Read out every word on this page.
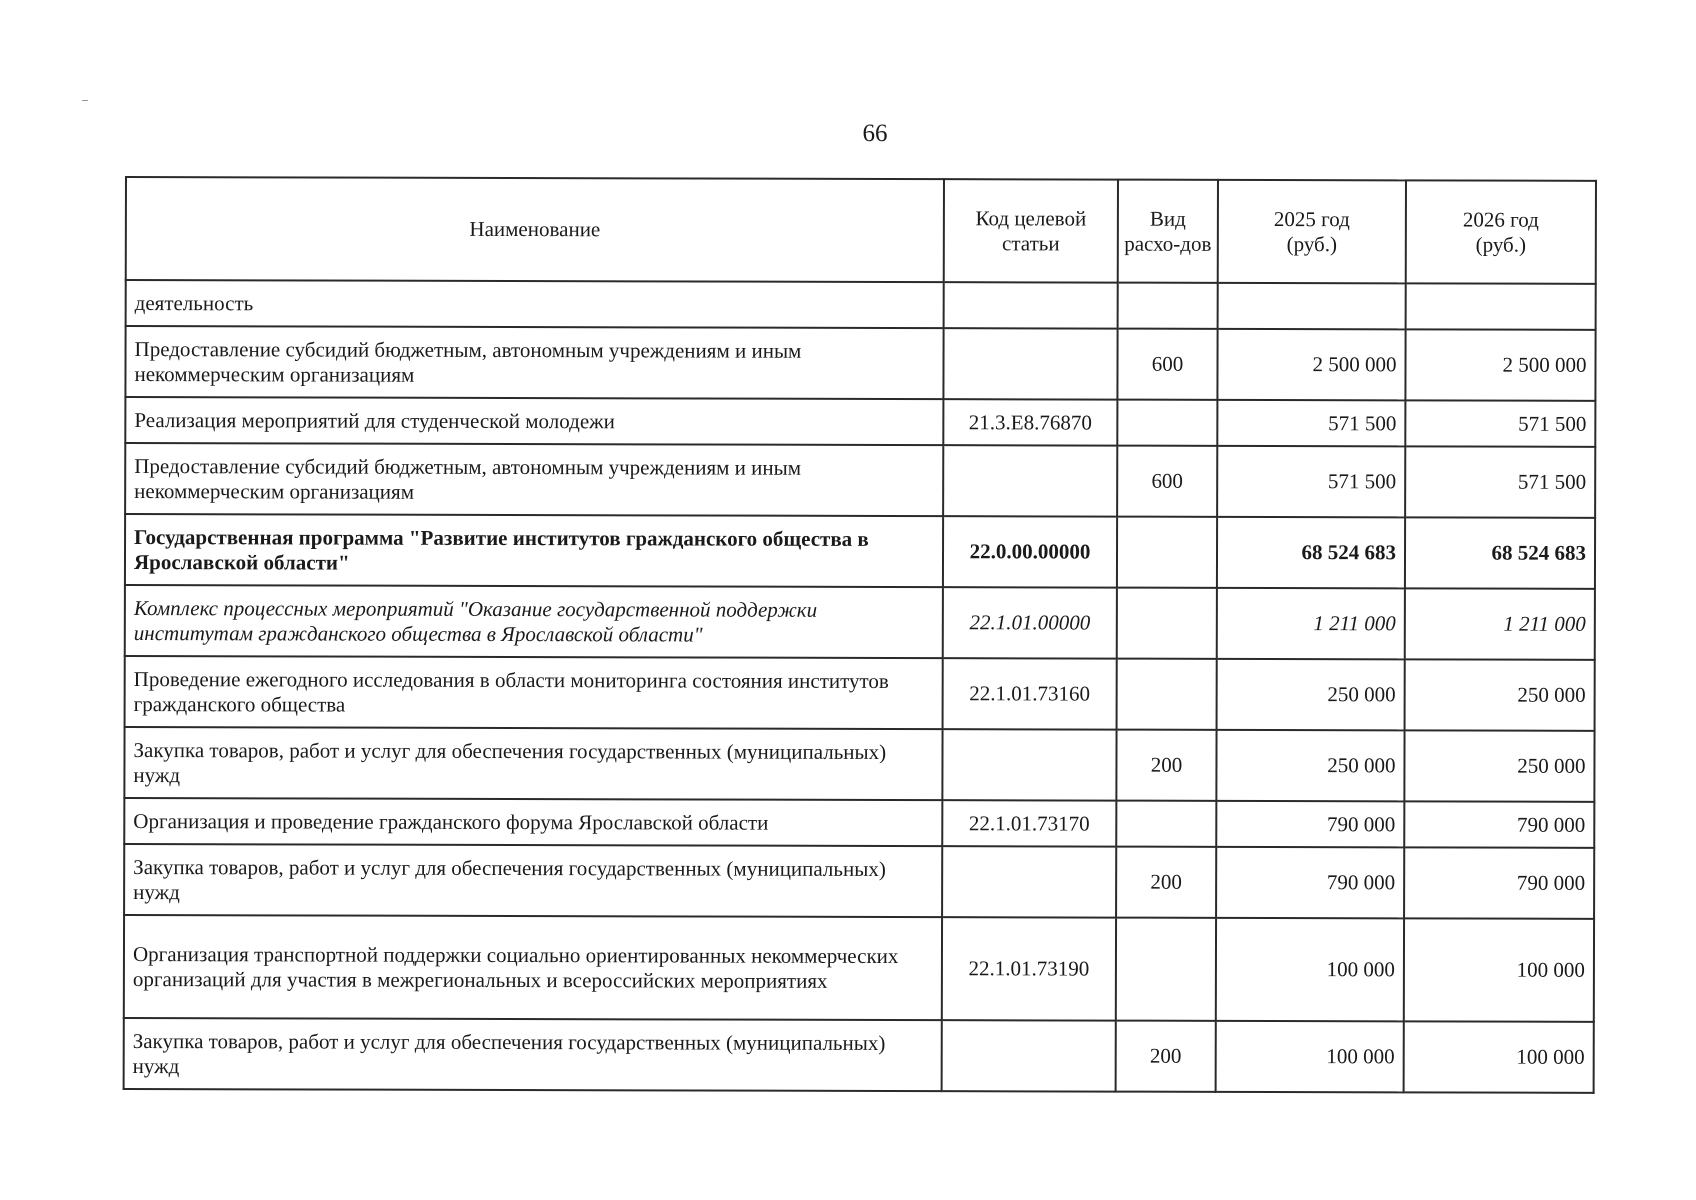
66
Наименование	Код целевой статьи	Вид расхо-дов	2025 год (руб.)	2026 год (руб.)
деятельность				
Предоставление субсидий бюджетным, автономным учреждениям и иным некоммерческим организациям		600	2 500 000	2 500 000
Реализация мероприятий для студенческой молодежи	21.3.Е8.76870		571 500	571 500
Предоставление субсидий бюджетным, автономным учреждениям и иным некоммерческим организациям		600	571 500	571 500
Государственная программа "Развитие институтов гражданского общества в Ярославской области"	22.0.00.00000		68 524 683	68 524 683
Комплекс процессных мероприятий "Оказание государственной поддержки институтам гражданского общества в Ярославской области"	22.1.01.00000		1 211 000	1 211 000
Проведение ежегодного исследования в области мониторинга состояния институтов гражданского общества	22.1.01.73160		250 000	250 000
Закупка товаров, работ и услуг для обеспечения государственных (муниципальных) нужд		200	250 000	250 000
Организация и проведение гражданского форума Ярославской области	22.1.01.73170		790 000	790 000
Закупка товаров, работ и услуг для обеспечения государственных (муниципальных) нужд		200	790 000	790 000
Организация транспортной поддержки социально ориентированных некоммерческих организаций для участия в межрегиональных и всероссийских мероприятиях	22.1.01.73190		100 000	100 000
Закупка товаров, работ и услуг для обеспечения государственных (муниципальных) нужд		200	100 000	100 000
